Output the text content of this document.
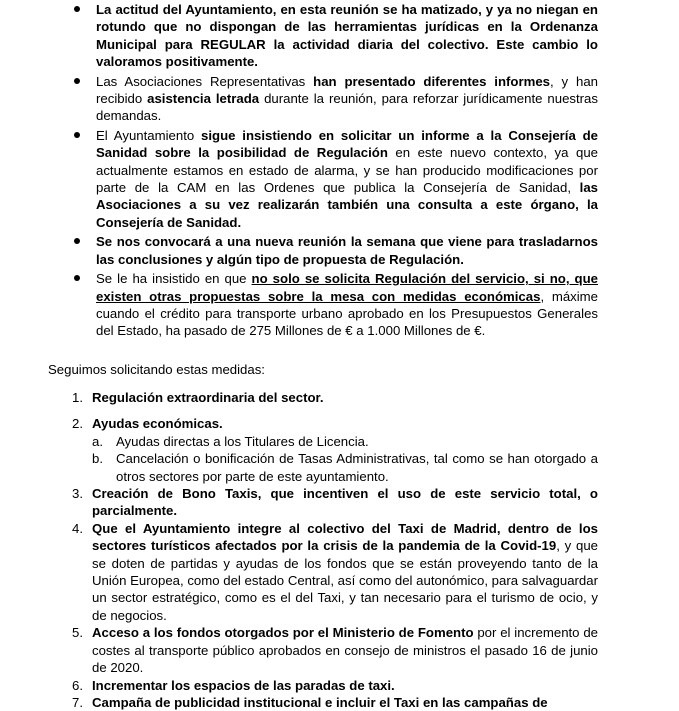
La actitud del Ayuntamiento, en esta reunión se ha matizado, y ya no niegan en rotundo que no dispongan de las herramientas jurídicas en la Ordenanza Municipal para REGULAR la actividad diaria del colectivo. Este cambio lo valoramos positivamente.
Las Asociaciones Representativas han presentado diferentes informes, y han recibido asistencia letrada durante la reunión, para reforzar jurídicamente nuestras demandas.
El Ayuntamiento sigue insistiendo en solicitar un informe a la Consejería de Sanidad sobre la posibilidad de Regulación en este nuevo contexto, ya que actualmente estamos en estado de alarma, y se han producido modificaciones por parte de la CAM en las Ordenes que publica la Consejería de Sanidad, las Asociaciones a su vez realizarán también una consulta a este órgano, la Consejería de Sanidad.
Se nos convocará a una nueva reunión la semana que viene para trasladarnos las conclusiones y algún tipo de propuesta de Regulación.
Se le ha insistido en que no solo se solicita Regulación del servicio, si no, que existen otras propuestas sobre la mesa con medidas económicas, máxime cuando el crédito para transporte urbano aprobado en los Presupuestos Generales del Estado, ha pasado de 275 Millones de € a 1.000 Millones de €.
Seguimos solicitando estas medidas:
1. Regulación extraordinaria del sector.
2. Ayudas económicas.
a. Ayudas directas a los Titulares de Licencia.
b. Cancelación o bonificación de Tasas Administrativas, tal como se han otorgado a otros sectores por parte de este ayuntamiento.
3. Creación de Bono Taxis, que incentiven el uso de este servicio total, o parcialmente.
4. Que el Ayuntamiento integre al colectivo del Taxi de Madrid, dentro de los sectores turísticos afectados por la crisis de la pandemia de la Covid-19, y que se doten de partidas y ayudas de los fondos que se están proveyendo tanto de la Unión Europea, como del estado Central, así como del autonómico, para salvaguardar un sector estratégico, como es el del Taxi, y tan necesario para el turismo de ocio, y de negocios.
5. Acceso a los fondos otorgados por el Ministerio de Fomento por el incremento de costes al transporte público aprobados en consejo de ministros el pasado 16 de junio de 2020.
6. Incrementar los espacios de las paradas de taxi.
7. Campaña de publicidad institucional e incluir el Taxi en las campañas de
